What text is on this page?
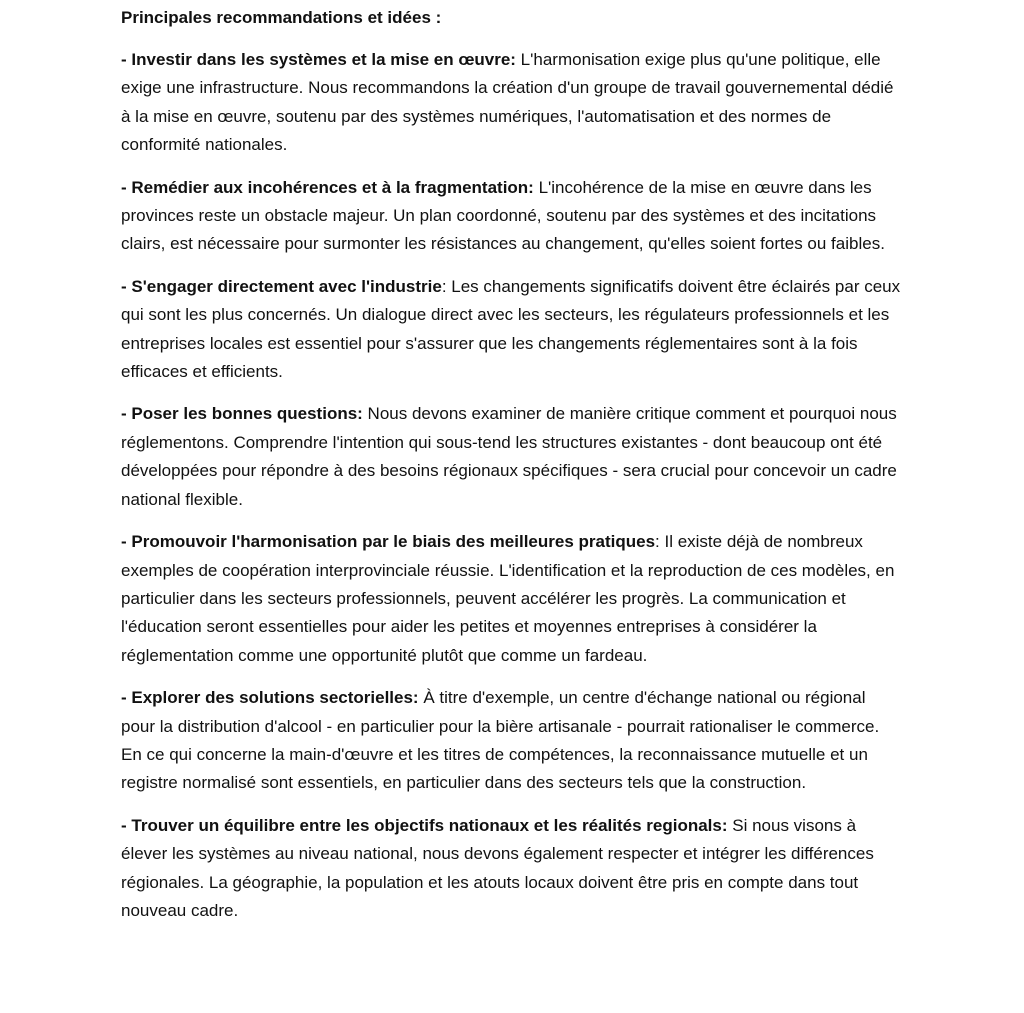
Principales recommandations et idées :

- Investir dans les systèmes et la mise en œuvre: L'harmonisation exige plus qu'une politique, elle exige une infrastructure. Nous recommandons la création d'un groupe de travail gouvernemental dédié à la mise en œuvre, soutenu par des systèmes numériques, l'automatisation et des normes de conformité nationales.

- Remédier aux incohérences et à la fragmentation: L'incohérence de la mise en œuvre dans les provinces reste un obstacle majeur. Un plan coordonné, soutenu par des systèmes et des incitations clairs, est nécessaire pour surmonter les résistances au changement, qu'elles soient fortes ou faibles.

- S'engager directement avec l'industrie: Les changements significatifs doivent être éclairés par ceux qui sont les plus concernés. Un dialogue direct avec les secteurs, les régulateurs professionnels et les entreprises locales est essentiel pour s'assurer que les changements réglementaires sont à la fois efficaces et efficients.

- Poser les bonnes questions: Nous devons examiner de manière critique comment et pourquoi nous réglementons. Comprendre l'intention qui sous-tend les structures existantes - dont beaucoup ont été développées pour répondre à des besoins régionaux spécifiques - sera crucial pour concevoir un cadre national flexible.

- Promouvoir l'harmonisation par le biais des meilleures pratiques: Il existe déjà de nombreux exemples de coopération interprovinciale réussie. L'identification et la reproduction de ces modèles, en particulier dans les secteurs professionnels, peuvent accélérer les progrès. La communication et l'éducation seront essentielles pour aider les petites et moyennes entreprises à considérer la réglementation comme une opportunité plutôt que comme un fardeau.

- Explorer des solutions sectorielles: À titre d'exemple, un centre d'échange national ou régional pour la distribution d'alcool - en particulier pour la bière artisanale - pourrait rationaliser le commerce. En ce qui concerne la main-d'œuvre et les titres de compétences, la reconnaissance mutuelle et un registre normalisé sont essentiels, en particulier dans des secteurs tels que la construction.

- Trouver un équilibre entre les objectifs nationaux et les réalités regionals: Si nous visons à élever les systèmes au niveau national, nous devons également respecter et intégrer les différences régionales. La géographie, la population et les atouts locaux doivent être pris en compte dans tout nouveau cadre.
